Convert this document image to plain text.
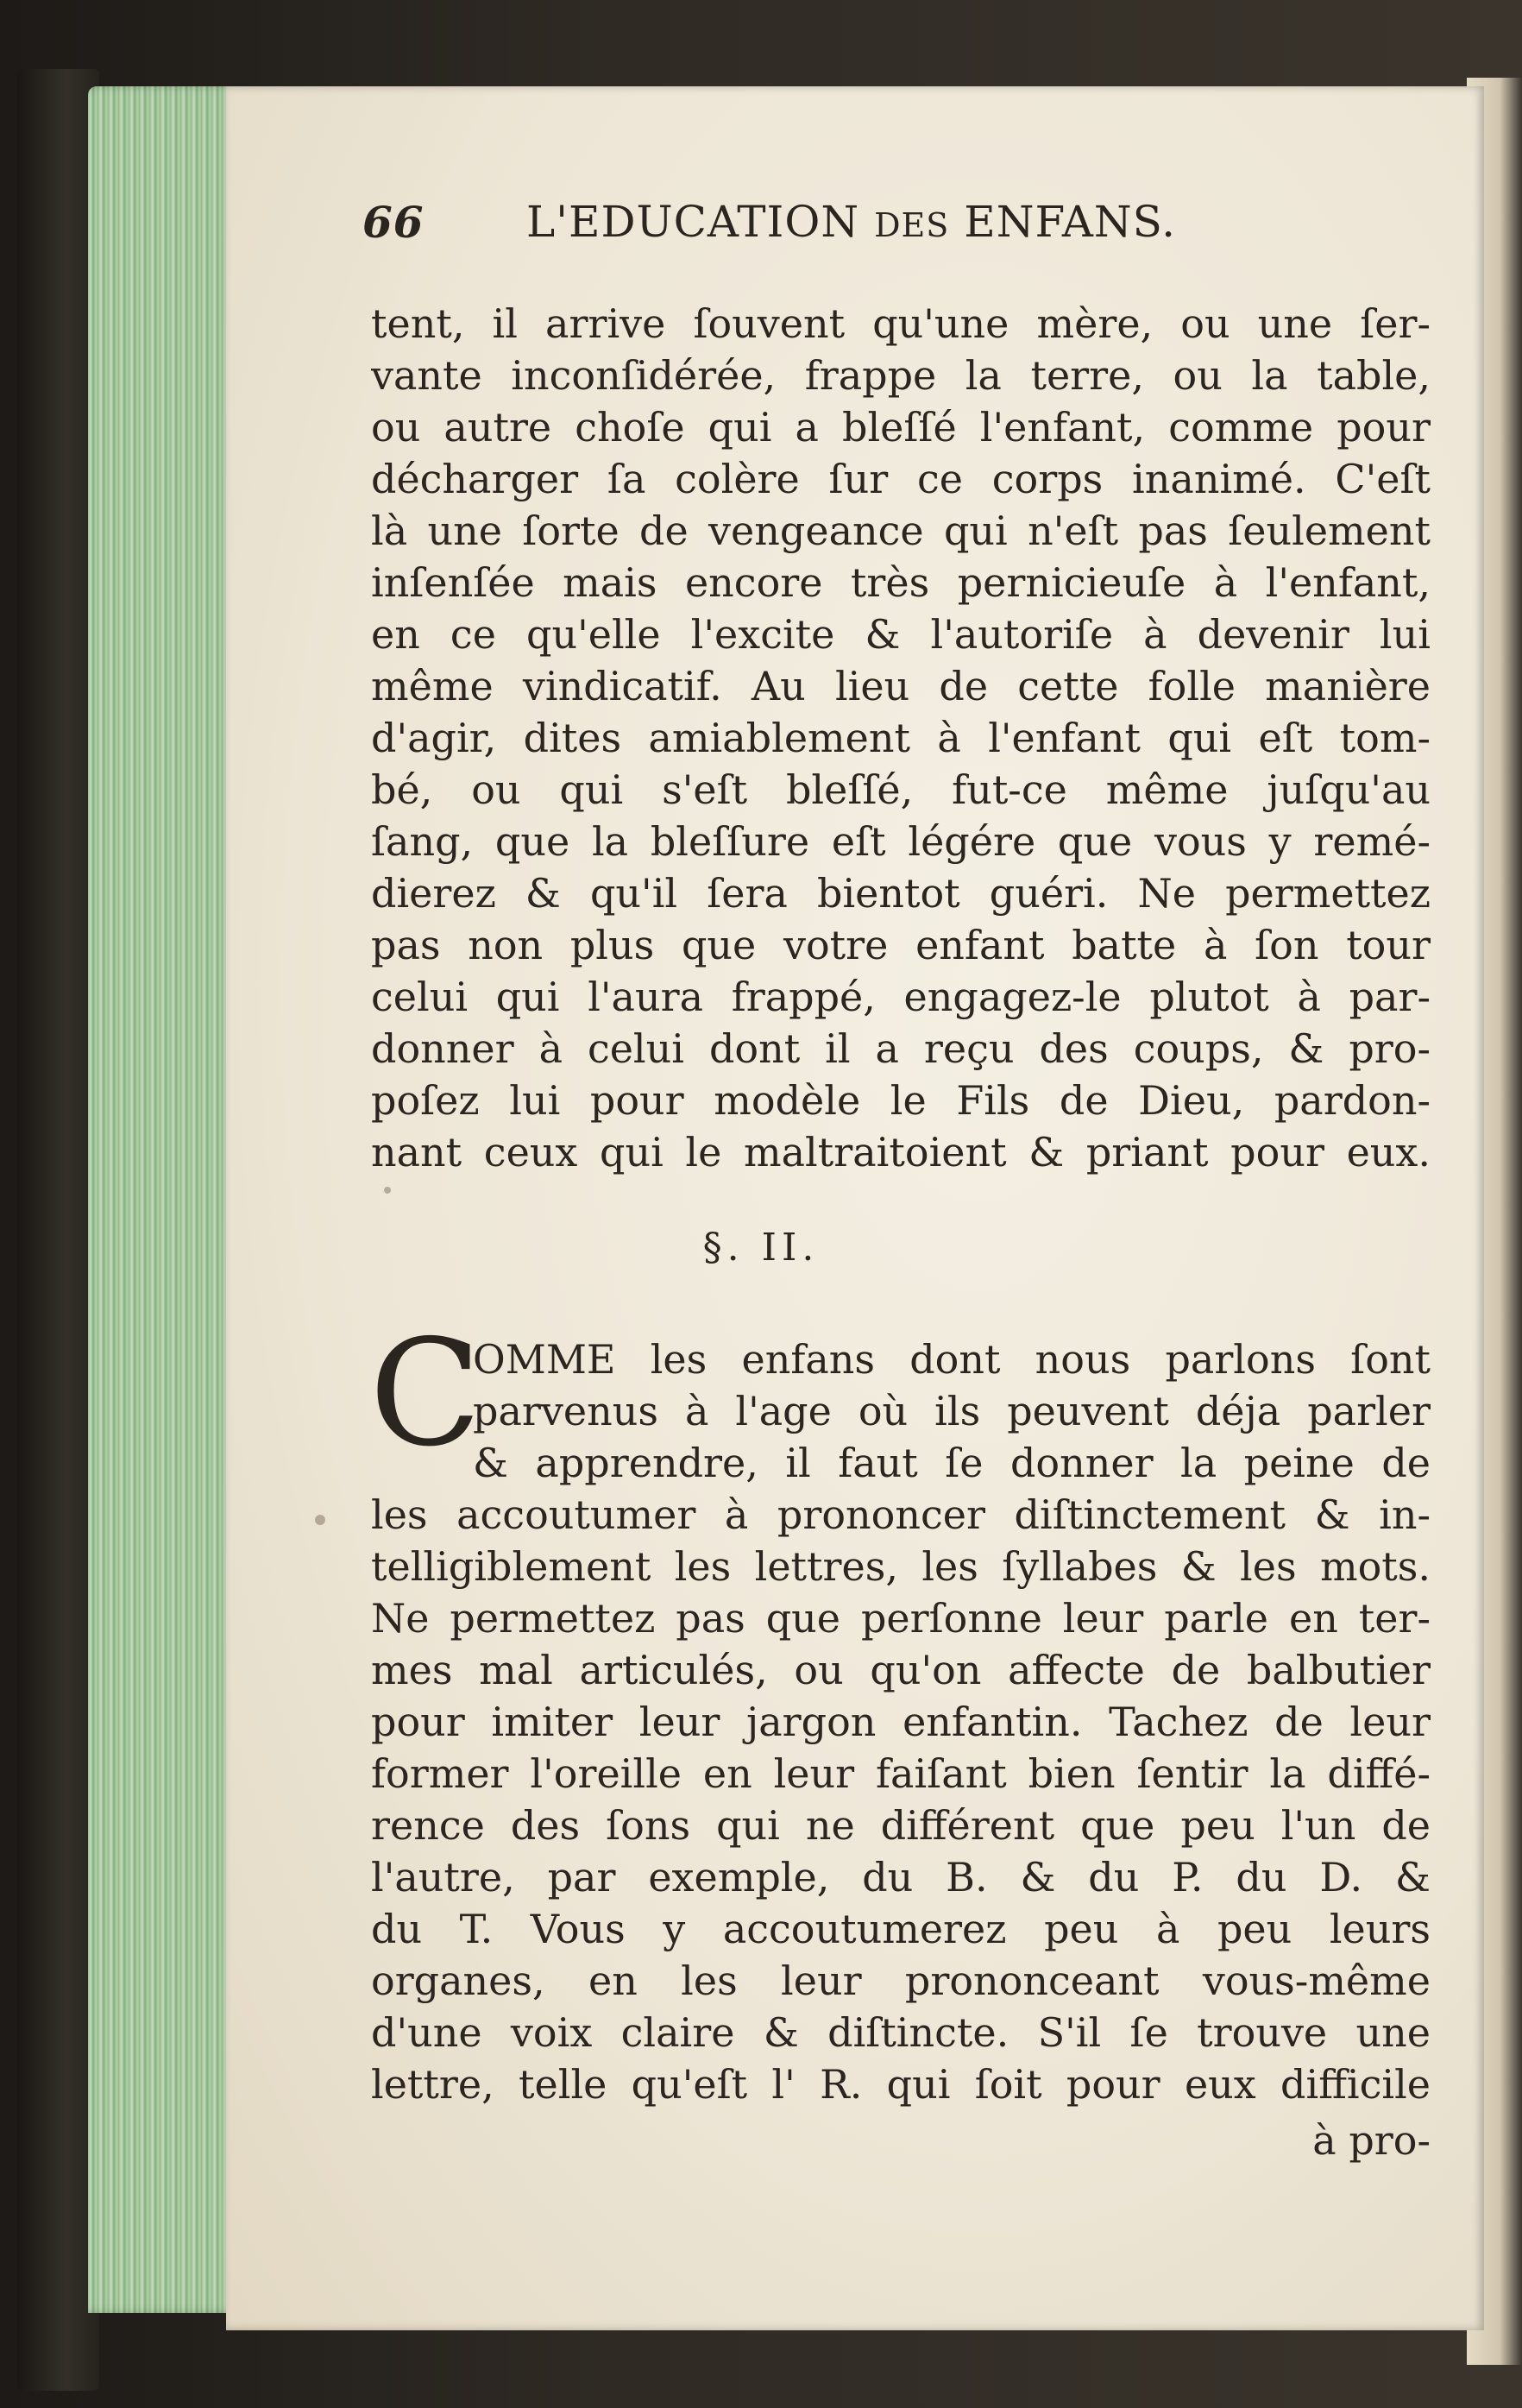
66 L'EDUCATION DES ENFANS.
tent, il arrive ſouvent qu'une mère, ou une ſer-
vante inconſidérée, frappe la terre, ou la table,
ou autre choſe qui a bleſſé l'enfant, comme pour
décharger ſa colère ſur ce corps inanimé. C'eſt
là une ſorte de vengeance qui n'eſt pas ſeulement
inſenſée mais encore très pernicieuſe à l'enfant,
en ce qu'elle l'excite & l'autoriſe à devenir lui
même vindicatif. Au lieu de cette folle manière
d'agir, dites amiablement à l'enfant qui eſt tom-
bé, ou qui s'eſt bleſſé, fut-ce même juſqu'au
ſang, que la bleſſure eſt légére que vous y remé-
dierez & qu'il ſera bientot guéri. Ne permettez
pas non plus que votre enfant batte à ſon tour
celui qui l'aura frappé, engagez-le plutot à par-
donner à celui dont il a reçu des coups, & pro-
poſez lui pour modèle le Fils de Dieu, pardon-
nant ceux qui le maltraitoient & priant pour eux.
§. II.
C
OMME les enfans dont nous parlons ſont
parvenus à l'age où ils peuvent déja parler
& apprendre, il faut ſe donner la peine de
les accoutumer à prononcer diſtinctement & in-
telligiblement les lettres, les ſyllabes & les mots.
Ne permettez pas que perſonne leur parle en ter-
mes mal articulés, ou qu'on affecte de balbutier
pour imiter leur jargon enfantin. Tachez de leur
former l'oreille en leur faiſant bien ſentir la diffé-
rence des ſons qui ne différent que peu l'un de
l'autre, par exemple, du B. & du P. du D. &
du T. Vous y accoutumerez peu à peu leurs
organes, en les leur prononceant vous-même
d'une voix claire & diſtincte. S'il ſe trouve une
lettre, telle qu'eſt l' R. qui ſoit pour eux difficile
à pro-
